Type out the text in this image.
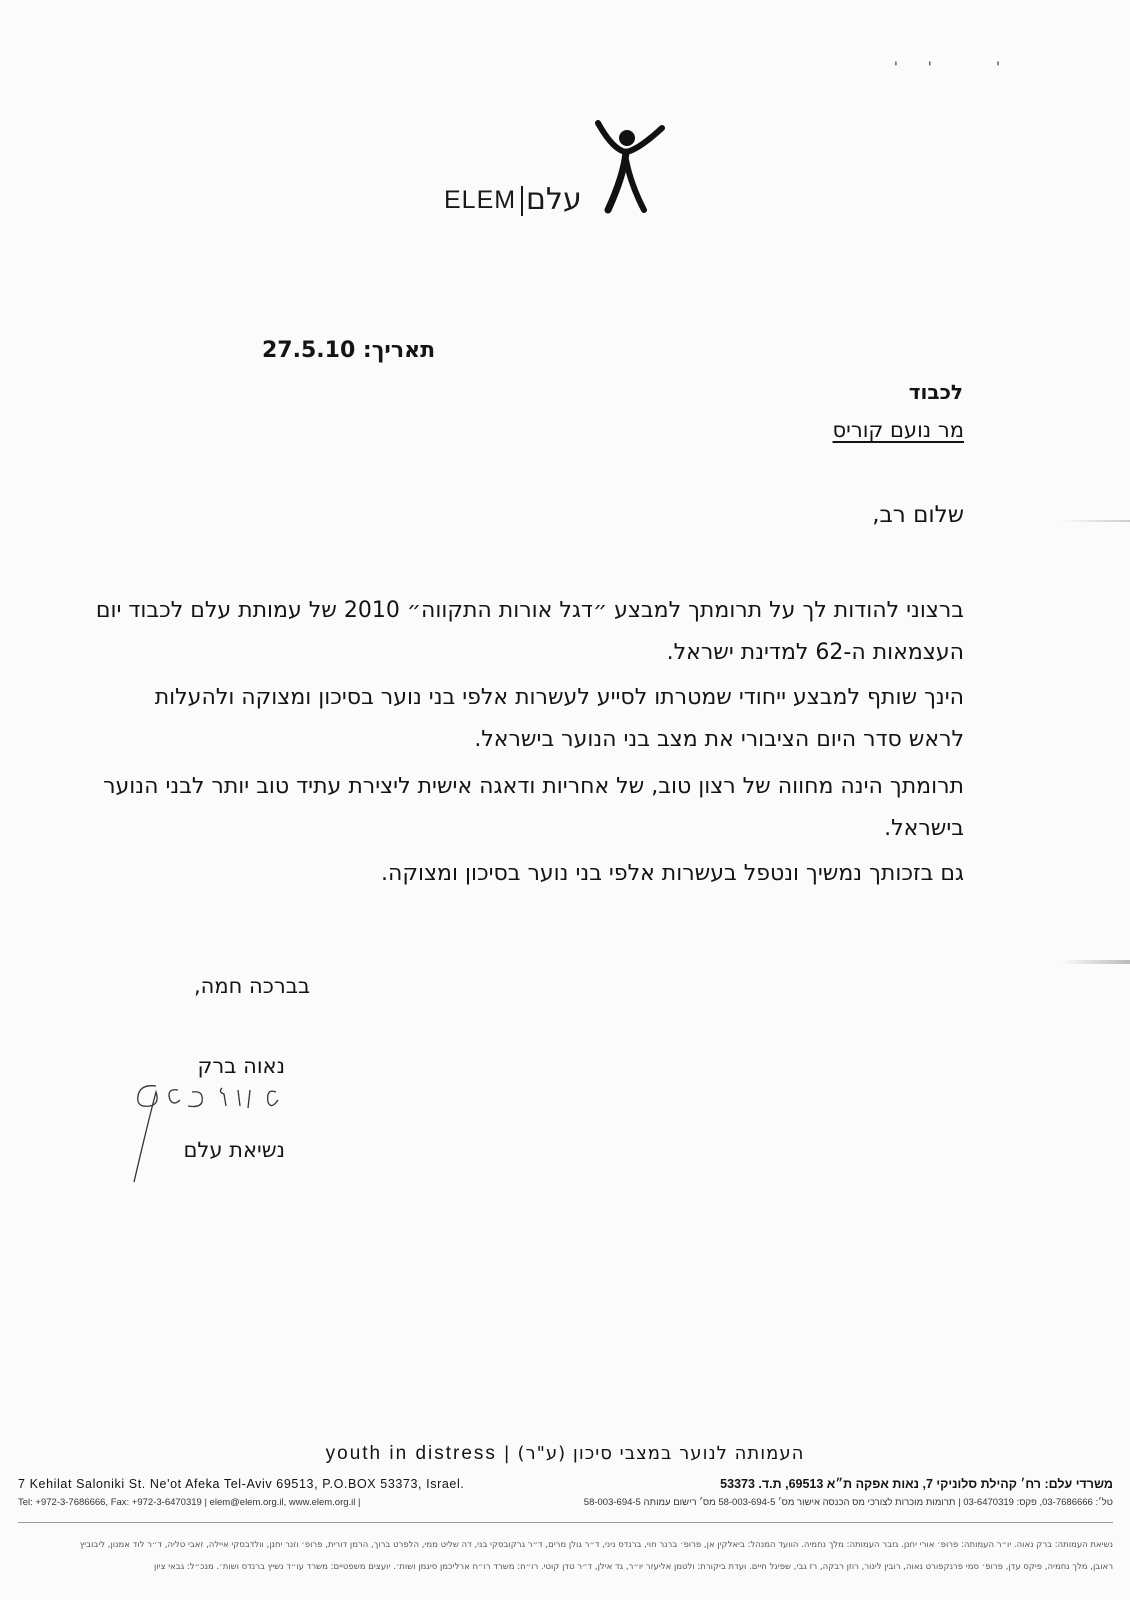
'' '
ELEM עלם
תאריך: 27.5.10
לכבוד
מר נועם קוריס
שלום רב,
ברצוני להודות לך על תרומתך למבצע ״דגל אורות התקווה״ 2010 של עמותת עלם לכבוד יום העצמאות ה-62 למדינת ישראל.
הינך שותף למבצע ייחודי שמטרתו לסייע לעשרות אלפי בני נוער בסיכון ומצוקה ולהעלות לראש סדר היום הציבורי את מצב בני הנוער בישראל.
תרומתך הינה מחווה של רצון טוב, של אחריות ודאגה אישית ליצירת עתיד טוב יותר לבני הנוער בישראל.
גם בזכותך נמשיך ונטפל בעשרות אלפי בני נוער בסיכון ומצוקה.
בברכה חמה,
נאוה ברק
נשיאת עלם
youth in distress העמותה לנוער במצבי סיכון (ע"ר) |
משרדי עלם: רח׳ קהילת סלוניקי 7, נאות אפקה ת״א 69513, ת.ד. 53373
7 Kehilat Saloniki St. Ne'ot Afeka Tel-Aviv 69513, P.O.BOX 53373, Israel.
טל׳: 03-7686666, פקס: 03-6470319 | תרומות מוכרות לצורכי מס הכנסה אישור מס׳ 58-003-694-5 מס׳ רישום עמותה 58-003-694-5
Tel: +972-3-7686666, Fax: +972-3-6470319 | elem@elem.org.il, www.elem.org.il |
נשיאת העמותה: ברק נאוה. יו״ר העמותה: פרופ׳ אורי יחנן. גזבר העמותה: מלך נחמיה. הוועד המנהל: ביאלקין אן, פרופ׳ ברנר חוי, ברנדס ניני, ד״ר גולן מרים, ד״ר גרקובסקי בני, דה שליט ממי, הלפרט ברוך, הרמן דורית, פרופ׳ וזנר יחנן, וולדבסקי איילה, זאבי טליה, ד״ר לוד אמנון, ליבוביץ
ראובן, מלך נחמיה, פיקס עדן, פרופ׳ סמי פרנקפורט נאוה, רובין לינור, רוזן רבקה, רז גבי, שפיגל חיים. ועדת ביקורת: ולטמן אליעזר יו״ר, גד אילן, ד״ר טדן קוטי. רו״ח: משרד רו״ח ארליכמן סיגמן ושות׳. יועצים משפטיים: משרד עו״ד נשיץ ברנדס ושות׳. מנכ״ל: גבאי ציון
